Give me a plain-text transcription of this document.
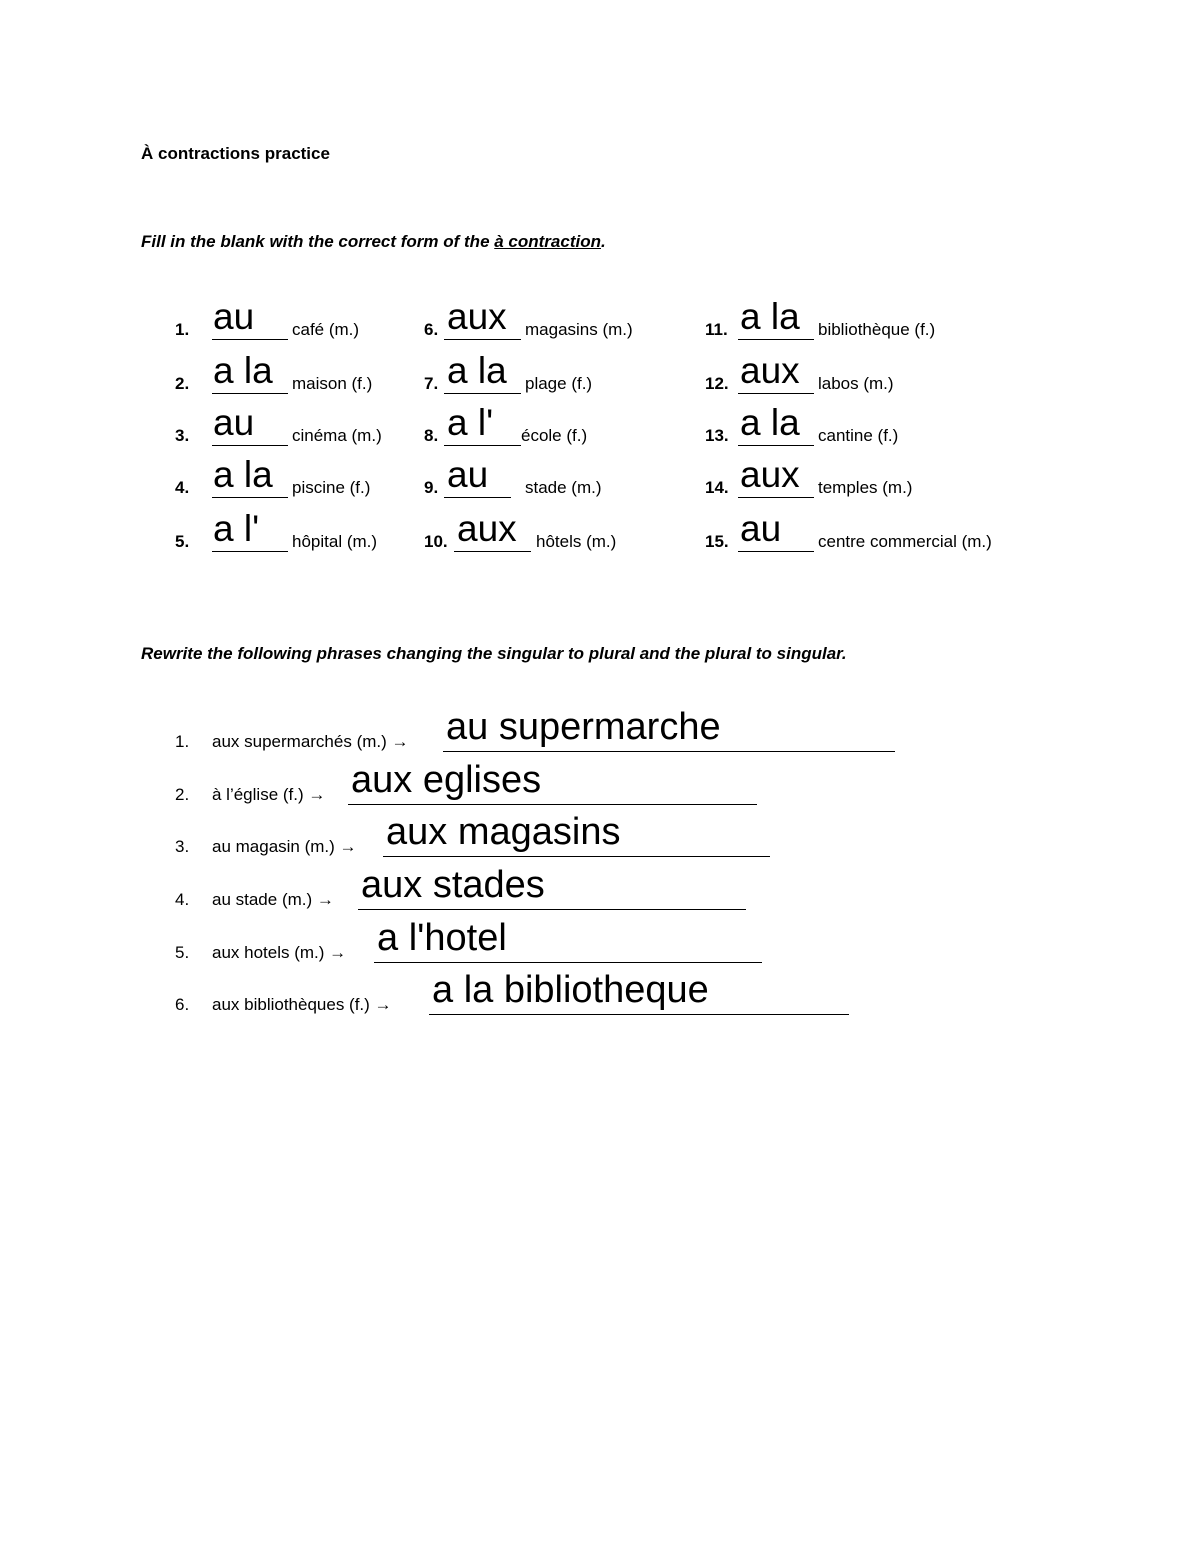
À contractions practice
Fill in the blank with the correct form of the à contraction.
1. au café (m.)
2. a la maison (f.)
3. au cinéma (m.)
4. a la piscine (f.)
5. a l' hôpital (m.)
6. aux magasins (m.)
7. a la plage (f.)
8. a l' école (f.)
9. au stade (m.)
10. aux hôtels (m.)
11. a la bibliothèque (f.)
12. aux labos (m.)
13. a la cantine (f.)
14. aux temples (m.)
15. au centre commercial (m.)
Rewrite the following phrases changing the singular to plural and the plural to singular.
1. aux supermarchés (m.) → au supermarche
2. à l’église (f.) → aux eglises
3. au magasin (m.) → aux magasins
4. au stade (m.) → aux stades
5. aux hotels (m.) → a l'hotel
6. aux bibliothèques (f.) → a la bibliotheque
